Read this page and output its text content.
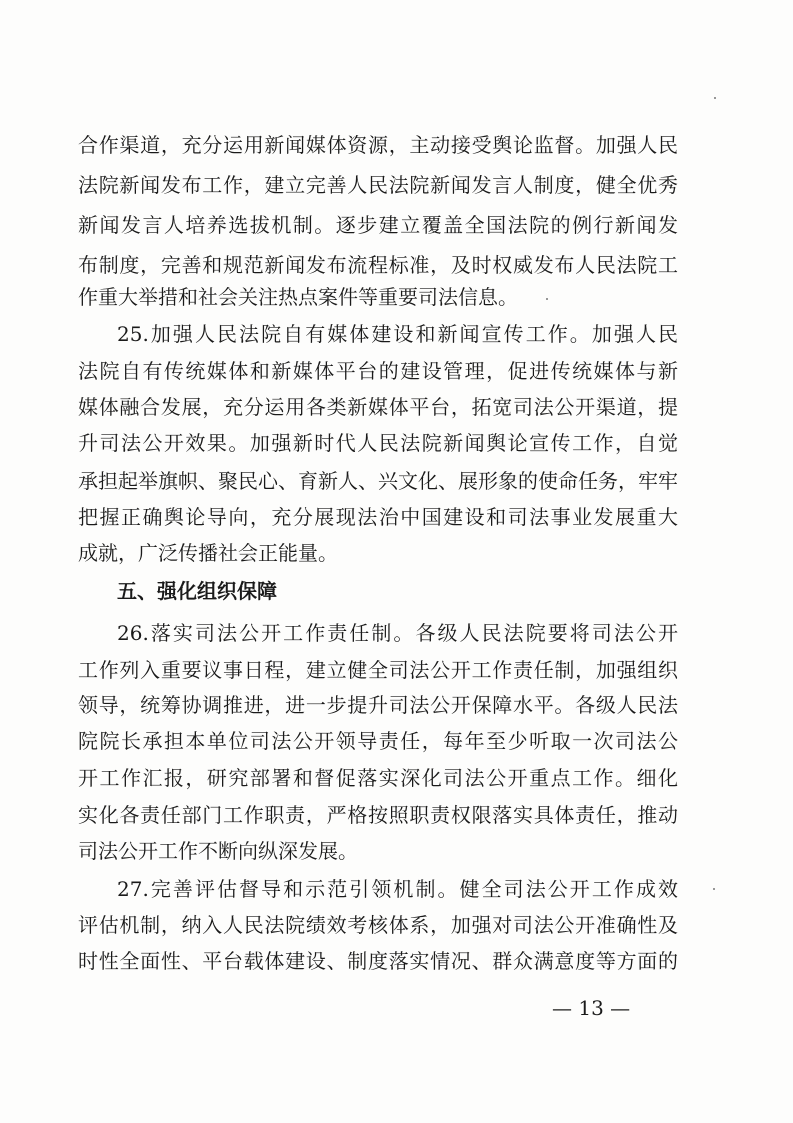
合作渠道，充分运用新闻媒体资源，主动接受舆论监督。加强人民
法院新闻发布工作，建立完善人民法院新闻发言人制度，健全优秀
新闻发言人培养选拔机制。逐步建立覆盖全国法院的例行新闻发
布制度，完善和规范新闻发布流程标准，及时权威发布人民法院工
作重大举措和社会关注热点案件等重要司法信息。
25.加强人民法院自有媒体建设和新闻宣传工作。加强人民
法院自有传统媒体和新媒体平台的建设管理，促进传统媒体与新
媒体融合发展，充分运用各类新媒体平台，拓宽司法公开渠道，提
升司法公开效果。加强新时代人民法院新闻舆论宣传工作，自觉
承担起举旗帜、聚民心、育新人、兴文化、展形象的使命任务，牢牢
把握正确舆论导向，充分展现法治中国建设和司法事业发展重大
成就，广泛传播社会正能量。
五、强化组织保障
26.落实司法公开工作责任制。各级人民法院要将司法公开
工作列入重要议事日程，建立健全司法公开工作责任制，加强组织
领导，统筹协调推进，进一步提升司法公开保障水平。各级人民法
院院长承担本单位司法公开领导责任，每年至少听取一次司法公
开工作汇报，研究部署和督促落实深化司法公开重点工作。细化
实化各责任部门工作职责，严格按照职责权限落实具体责任，推动
司法公开工作不断向纵深发展。
27.完善评估督导和示范引领机制。健全司法公开工作成效
评估机制，纳入人民法院绩效考核体系，加强对司法公开准确性及
时性全面性、平台载体建设、制度落实情况、群众满意度等方面的
— 13 —
